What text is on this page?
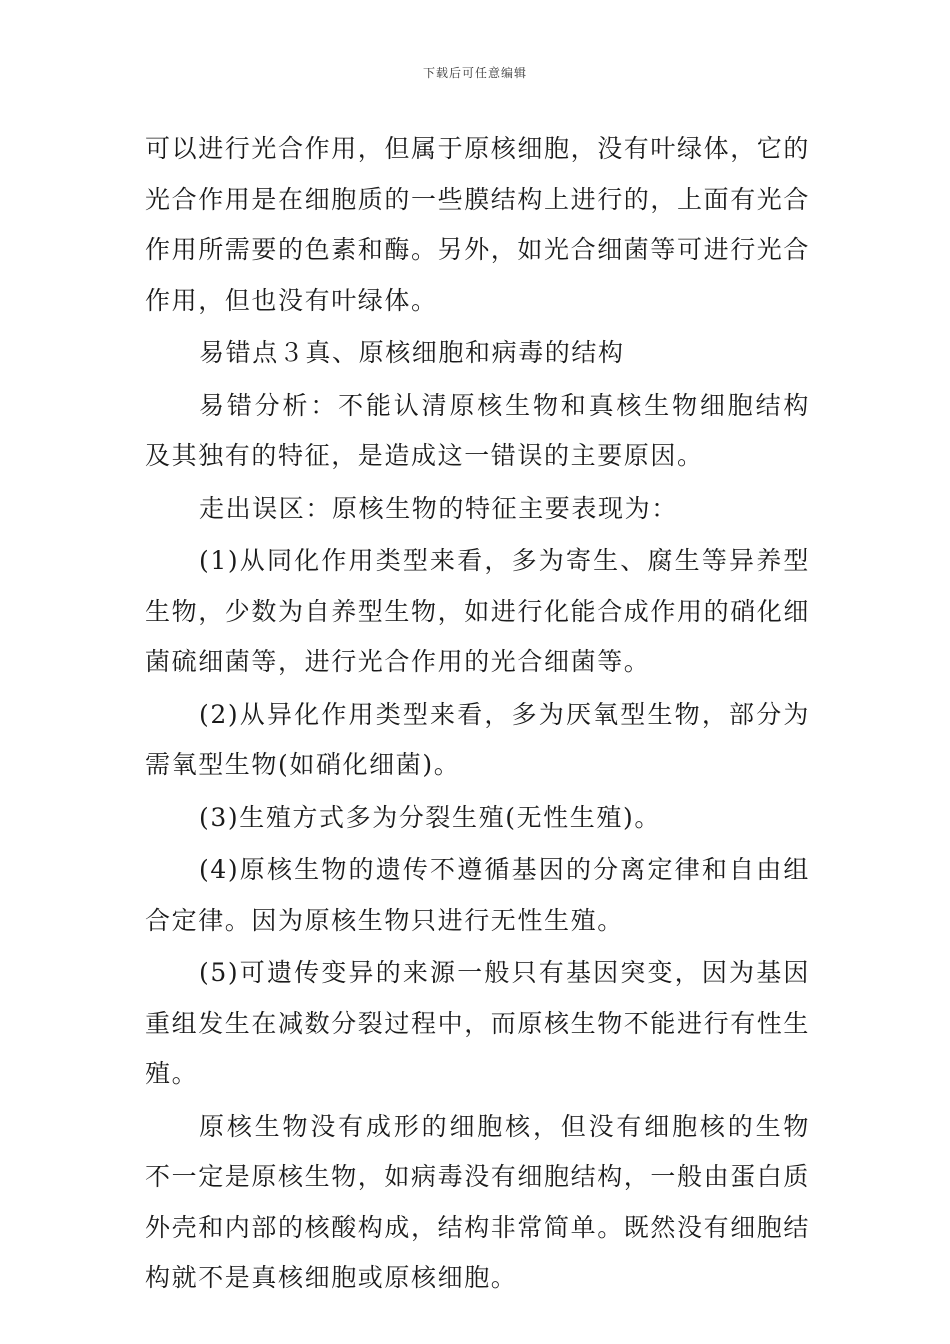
下载后可任意编辑

可以进行光合作用，但属于原核细胞，没有叶绿体，它的光合作用是在细胞质的一些膜结构上进行的，上面有光合作用所需要的色素和酶。另外，如光合细菌等可进行光合作用，但也没有叶绿体。

易错点３真、原核细胞和病毒的结构

易错分析：不能认清原核生物和真核生物细胞结构及其独有的特征，是造成这一错误的主要原因。

走出误区：原核生物的特征主要表现为：

(1)从同化作用类型来看，多为寄生、腐生等异养型生物，少数为自养型生物，如进行化能合成作用的硝化细菌硫细菌等，进行光合作用的光合细菌等。

(2)从异化作用类型来看，多为厌氧型生物，部分为需氧型生物(如硝化细菌)。

(3)生殖方式多为分裂生殖(无性生殖)。

(4)原核生物的遗传不遵循基因的分离定律和自由组合定律。因为原核生物只进行无性生殖。

(5)可遗传变异的来源一般只有基因突变，因为基因重组发生在减数分裂过程中，而原核生物不能进行有性生殖。

原核生物没有成形的细胞核，但没有细胞核的生物不一定是原核生物，如病毒没有细胞结构，一般由蛋白质外壳和内部的核酸构成，结构非常简单。既然没有细胞结构就不是真核细胞或原核细胞。
